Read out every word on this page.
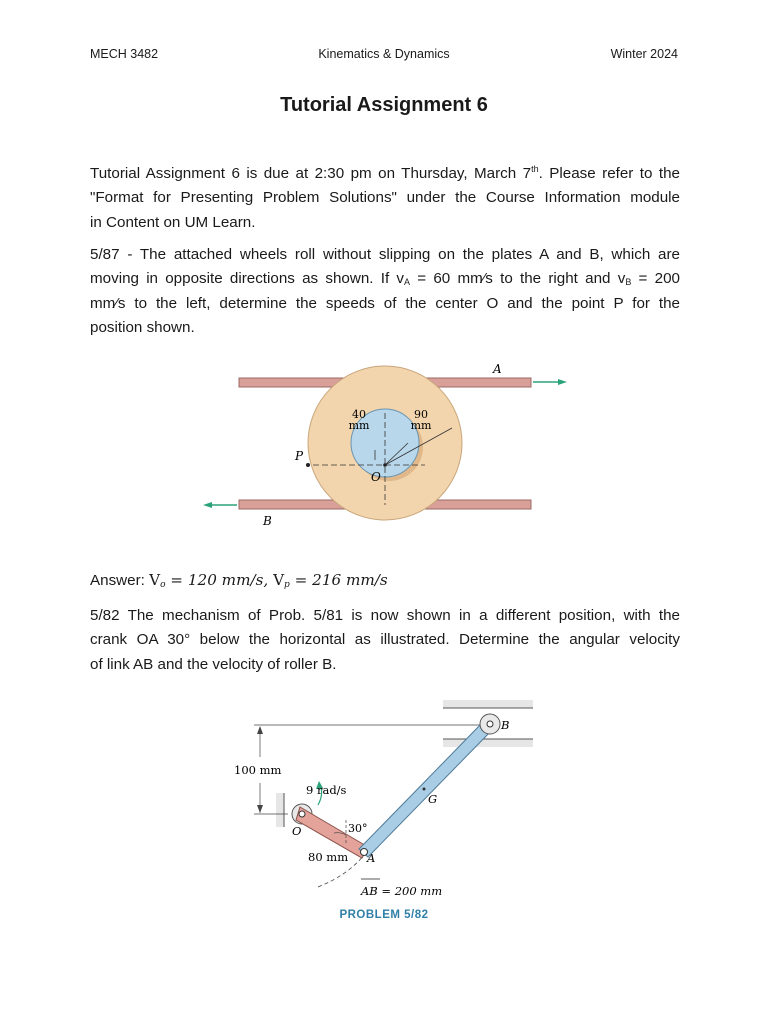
MECH 3482	Kinematics & Dynamics	Winter 2024
Tutorial Assignment 6
Tutorial Assignment 6 is due at 2:30 pm on Thursday, March 7th. Please refer to the
"Format for Presenting Problem Solutions" under the Course Information module
in Content on UM Learn.
5/87 - The attached wheels roll without slipping on the plates A and B, which are
moving in opposite directions as shown. If $v_A = 60$ mm⁄s to the right and $v_B = 200$
mm⁄s to the left, determine the speeds of the center O and the point P for the
position shown.
A
B
P
O
40
mm
90
mm
Answer: $V_o = 120$ mm/s, $V_p = 216$ mm/s
5/82 The mechanism of Prob. 5/81 is now shown in a different position, with the
crank OA 30° below the horizontal as illustrated. Determine the angular velocity
of link AB and the velocity of roller B.
100 mm
9 rad/s
30°
80 mm
O
A
B
G
AB = 200 mm
PROBLEM 5/82
